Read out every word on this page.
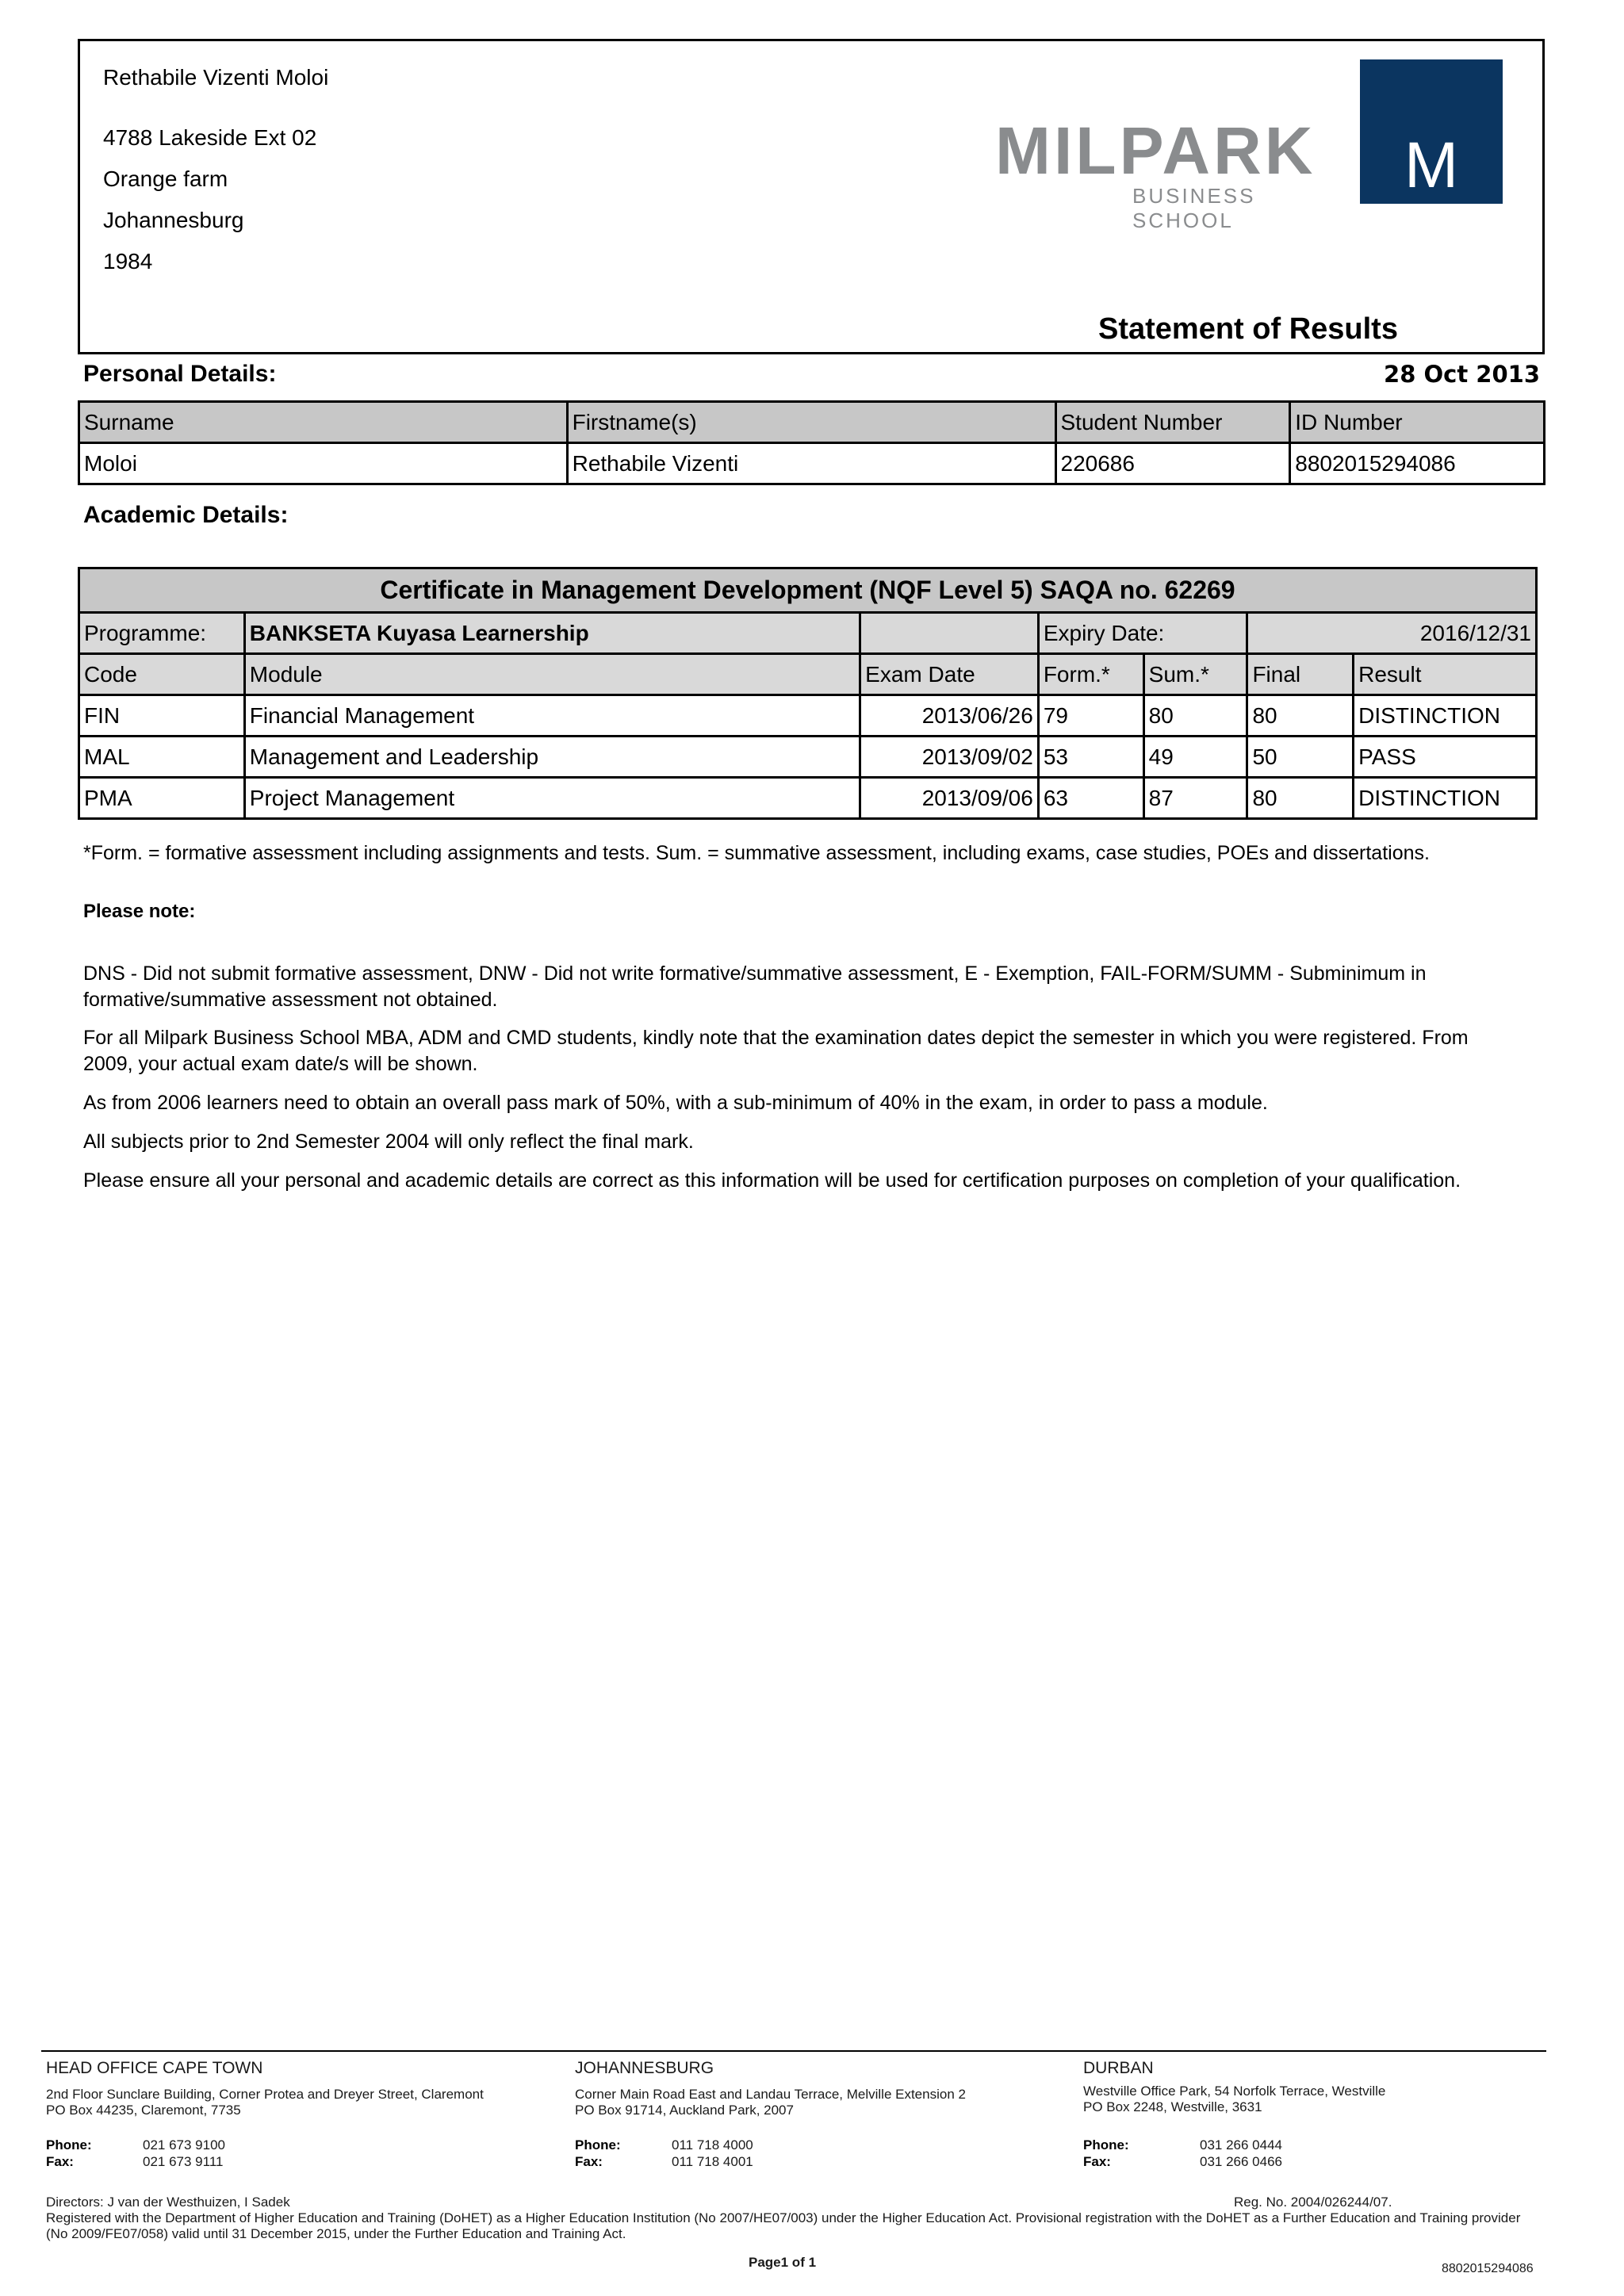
Rethabile Vizenti Moloi
4788 Lakeside Ext 02
Orange farm
Johannesburg
1984
MILPARK
BUSINESS SCHOOL
M
Statement of Results
28 Oct 2013
Personal Details:
Surname	Firstname(s)	Student Number	ID Number
Moloi	Rethabile Vizenti	220686	8802015294086
Academic Details:
Certificate in Management Development (NQF Level 5) SAQA no. 62269						
Programme:	BANKSETA Kuyasa Learnership		Expiry Date:		2016/12/31	
Code	Module	Exam Date	Form.*	Sum.*	Final	Result
FIN	Financial Management	2013/06/26	79	80	80	DISTINCTION
MAL	Management and Leadership	2013/09/02	53	49	50	PASS
PMA	Project Management	2013/09/06	63	87	80	DISTINCTION
*Form. = formative assessment including assignments and tests. Sum. = summative assessment, including exams, case studies, POEs and dissertations.
Please note:
DNS - Did not submit formative assessment, DNW - Did not write formative/summative assessment, E - Exemption, FAIL-FORM/SUMM - Subminimum in formative/summative assessment not obtained.
For all Milpark Business School MBA, ADM and CMD students, kindly note that the examination dates depict the semester in which you were registered. From 2009, your actual exam date/s will be shown.
As from 2006 learners need to obtain an overall pass mark of 50%, with a sub-minimum of 40% in the exam, in order to pass a module.
All subjects prior to 2nd Semester 2004 will only reflect the final mark.
Please ensure all your personal and academic details are correct as this information will be used for certification purposes on completion of your qualification.
HEAD OFFICE CAPE TOWN
2nd Floor Sunclare Building, Corner Protea and Dreyer Street, Claremont
PO Box 44235, Claremont, 7735
Phone:	021 673 9100
Fax:	021 673 9111
JOHANNESBURG
Corner Main Road East and Landau Terrace, Melville Extension 2
PO Box 91714, Auckland Park, 2007
Phone:	011 718 4000
Fax:	011 718 4001
DURBAN
Westville Office Park, 54 Norfolk Terrace, Westville
PO Box 2248, Westville, 3631
Phone:	031 266 0444
Fax:	031 266 0466
Directors: J van der Westhuizen, I Sadek	Reg. No. 2004/026244/07.
Registered with the Department of Higher Education and Training (DoHET) as a Higher Education Institution (No 2007/HE07/003) under the Higher Education Act. Provisional registration with the DoHET as a Further Education and Training provider (No 2009/FE07/058) valid until 31 December 2015, under the Further Education and Training Act.
Page1 of 1	8802015294086
